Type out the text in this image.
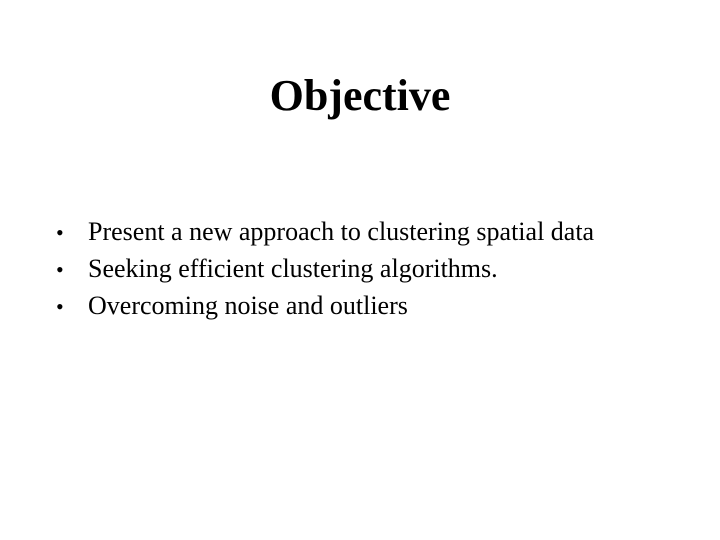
Objective
• Present a new approach to clustering spatial data
• Seeking efficient clustering algorithms.
• Overcoming noise and outliers
